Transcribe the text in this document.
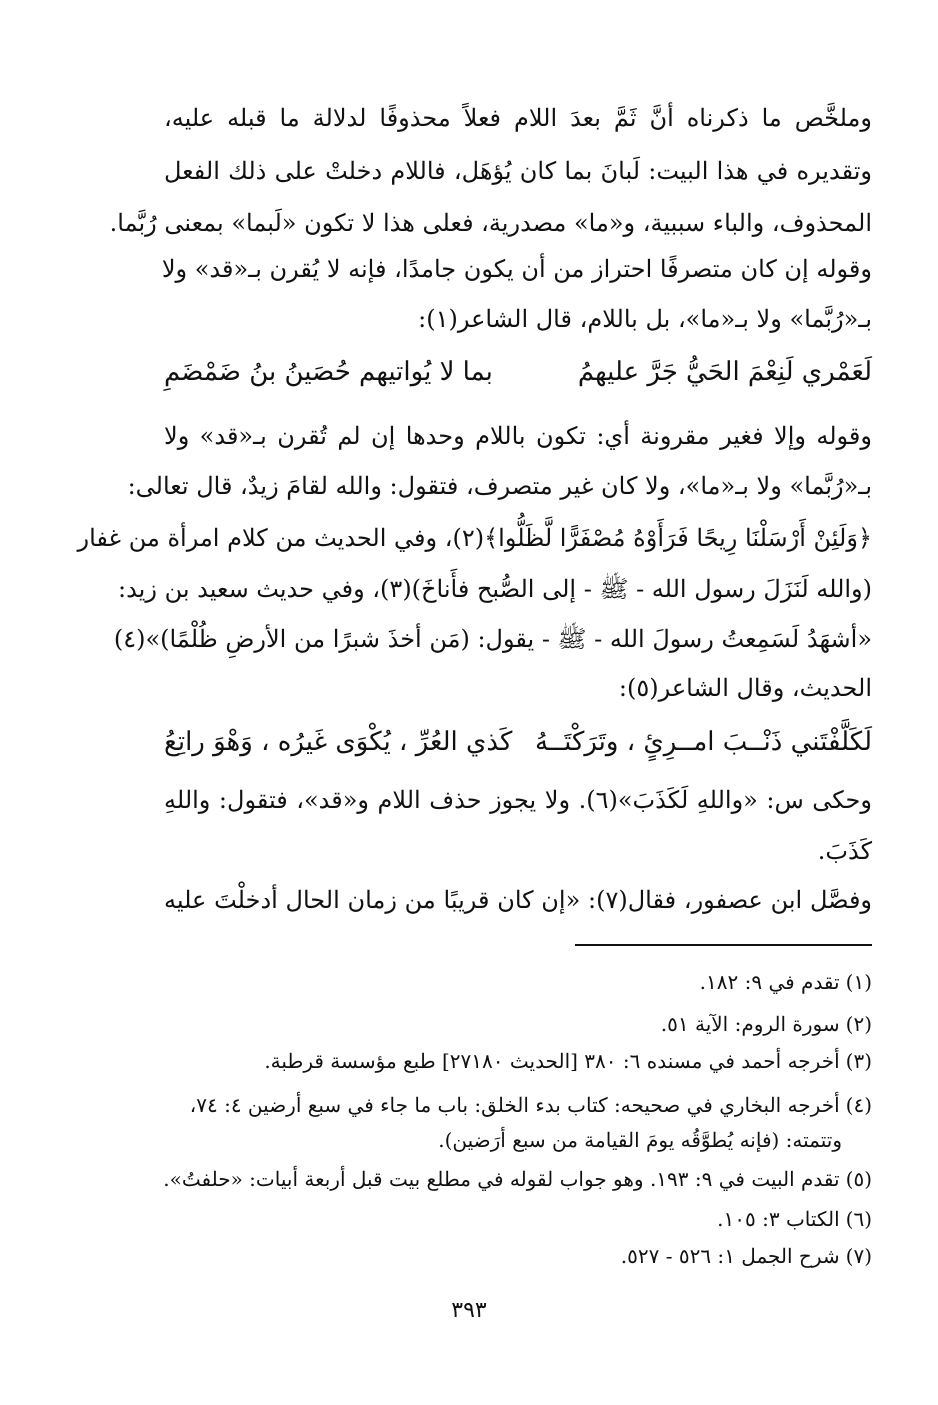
وملخَّص ما ذكرناه أنَّ ثَمَّ بعدَ اللام فعلاً محذوفًا لدلالة ما قبله عليه،
وتقديره في هذا البيت: لَبانَ بما كان يُؤهَل، فاللام دخلتْ على ذلك الفعل
المحذوف، والباء سببية، و«ما» مصدرية، فعلى هذا لا تكون «لَبما» بمعنى رُبَّما.
وقوله إن كان متصرفًا احتراز من أن يكون جامدًا، فإنه لا يُقرن بـ«قد» ولا
بـ«رُبَّما» ولا بـ«ما»، بل باللام، قال الشاعر(١):
لَعَمْري لَنِعْمَ الحَيُّ جَرَّ عليهمُ
بما لا يُواتيهم حُصَينُ بنُ ضَمْضَمِ
وقوله وإلا فغير مقرونة أي: تكون باللام وحدها إن لم تُقرن بـ«قد» ولا
بـ«رُبَّما» ولا بـ«ما»، ولا كان غير متصرف، فتقول: والله لقامَ زيدٌ، قال تعالى:
﴿وَلَئِنْ أَرْسَلْنَا رِيحًا فَرَأَوْهُ مُصْفَرًّا لَّظَلُّوا﴾(٢)، وفي الحديث من كلام امرأة من غفار
(والله لَنَزَلَ رسول الله - ﷺ - إلى الصُّبح فأَناخَ)(٣)، وفي حديث سعيد بن زيد:
«أشهَدُ لَسَمِعتُ رسولَ الله - ﷺ - يقول: (مَن أخذَ شبرًا من الأرضِ ظُلْمًا)»(٤)
الحديث، وقال الشاعر(٥):
لَكَلَّفْتَني ذَنْــبَ امــرِئٍ ، وتَرَكْتَــهُ
كَذي العُرِّ ، يُكْوَى غَيرُه ، وَهْوَ راتِعُ
وحكى س: «واللهِ لَكَذَبَ»(٦). ولا يجوز حذف اللام و«قد»، فتقول: واللهِ
كَذَبَ.
وفصَّل ابن عصفور، فقال(٧): «إن كان قريبًا من زمان الحال أدخلْتَ عليه
(١)تقدم في ٩: ١٨٢.
(٢)سورة الروم: الآية ٥١.
(٣)أخرجه أحمد في مسنده ٦: ٣٨٠ [الحديث ٢٧١٨٠] طبع مؤسسة قرطبة.
(٤)أخرجه البخاري في صحيحه: كتاب بدء الخلق: باب ما جاء في سبع أرضين ٤: ٧٤،
وتتمته: (فإنه يُطوَّقُه يومَ القيامة من سبع أرَضين).
(٥)تقدم البيت في ٩: ١٩٣. وهو جواب لقوله في مطلع بيت قبل أربعة أبيات: «حلفتُ».
(٦)الكتاب ٣: ١٠٥.
(٧)شرح الجمل ١: ٥٢٦ - ٥٢٧.
٣٩٣
